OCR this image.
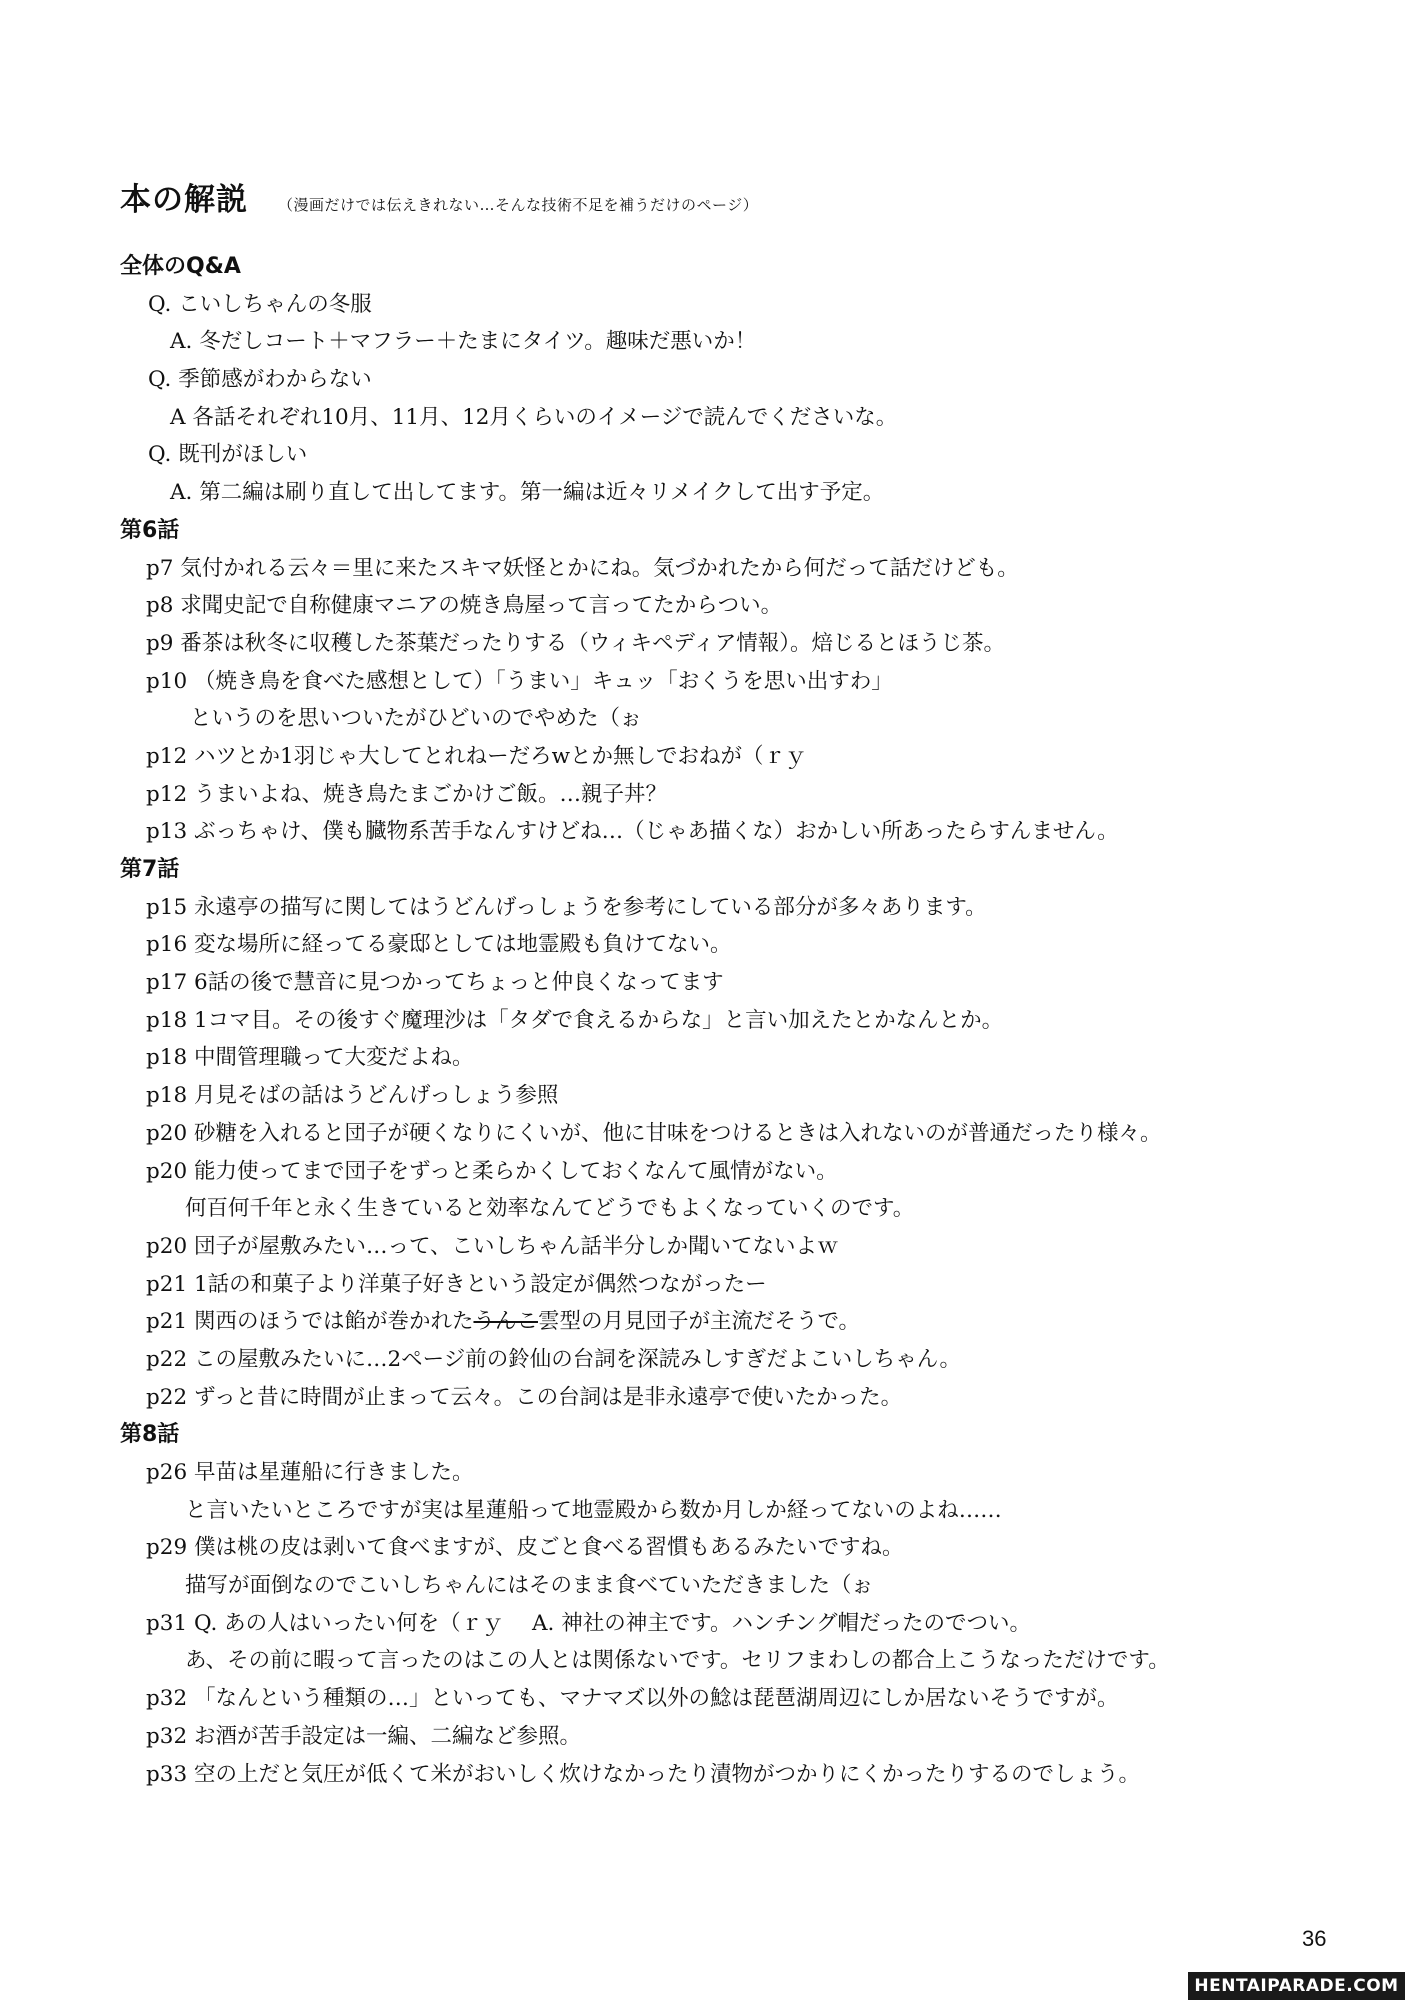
本の解説 （漫画だけでは伝えきれない…そんな技術不足を補うだけのページ）
全体のQ&A
Q. こいしちゃんの冬服
A. 冬だしコート＋マフラー＋たまにタイツ。趣味だ悪いか！
Q. 季節感がわからない
A 各話それぞれ10月、11月、12月くらいのイメージで読んでくださいな。
Q. 既刊がほしい
A. 第二編は刷り直して出してます。第一編は近々リメイクして出す予定。
第6話
p7 気付かれる云々＝里に来たスキマ妖怪とかにね。気づかれたから何だって話だけども。
p8 求聞史記で自称健康マニアの焼き鳥屋って言ってたからつい。
p9 番茶は秋冬に収穫した茶葉だったりする（ウィキペディア情報）。焙じるとほうじ茶。
p10 （焼き鳥を食べた感想として）「うまい」キュッ「おくうを思い出すわ」
というのを思いついたがひどいのでやめた（ぉ
p12 ハツとか1羽じゃ大してとれねーだろwとか無しでおねが（ｒｙ
p12 うまいよね、焼き鳥たまごかけご飯。…親子丼？
p13 ぶっちゃけ、僕も臓物系苦手なんすけどね…（じゃあ描くな）おかしい所あったらすんません。
第7話
p15 永遠亭の描写に関してはうどんげっしょうを参考にしている部分が多々あります。
p16 変な場所に経ってる豪邸としては地霊殿も負けてない。
p17 6話の後で慧音に見つかってちょっと仲良くなってます
p18 1コマ目。その後すぐ魔理沙は「タダで食えるからな」と言い加えたとかなんとか。
p18 中間管理職って大変だよね。
p18 月見そばの話はうどんげっしょう参照
p20 砂糖を入れると団子が硬くなりにくいが、他に甘味をつけるときは入れないのが普通だったり様々。
p20 能力使ってまで団子をずっと柔らかくしておくなんて風情がない。
何百何千年と永く生きていると効率なんてどうでもよくなっていくのです。
p20 団子が屋敷みたい…って、こいしちゃん話半分しか聞いてないよｗ
p21 1話の和菓子より洋菓子好きという設定が偶然つながったー
p21 関西のほうでは餡が巻かれたうんこ雲型の月見団子が主流だそうで。
p22 この屋敷みたいに…2ページ前の鈴仙の台詞を深読みしすぎだよこいしちゃん。
p22 ずっと昔に時間が止まって云々。この台詞は是非永遠亭で使いたかった。
第8話
p26 早苗は星蓮船に行きました。
と言いたいところですが実は星蓮船って地霊殿から数か月しか経ってないのよね……
p29 僕は桃の皮は剥いて食べますが、皮ごと食べる習慣もあるみたいですね。
描写が面倒なのでこいしちゃんにはそのまま食べていただきました（ぉ
p31 Q. あの人はいったい何を（ｒｙ　 A. 神社の神主です。ハンチング帽だったのでつい。
あ、その前に暇って言ったのはこの人とは関係ないです。セリフまわしの都合上こうなっただけです。
p32 「なんという種類の…」といっても、マナマズ以外の鯰は琵琶湖周辺にしか居ないそうですが。
p32 お酒が苦手設定は一編、二編など参照。
p33 空の上だと気圧が低くて米がおいしく炊けなかったり漬物がつかりにくかったりするのでしょう。
36
HENTAIPARADE.COM
